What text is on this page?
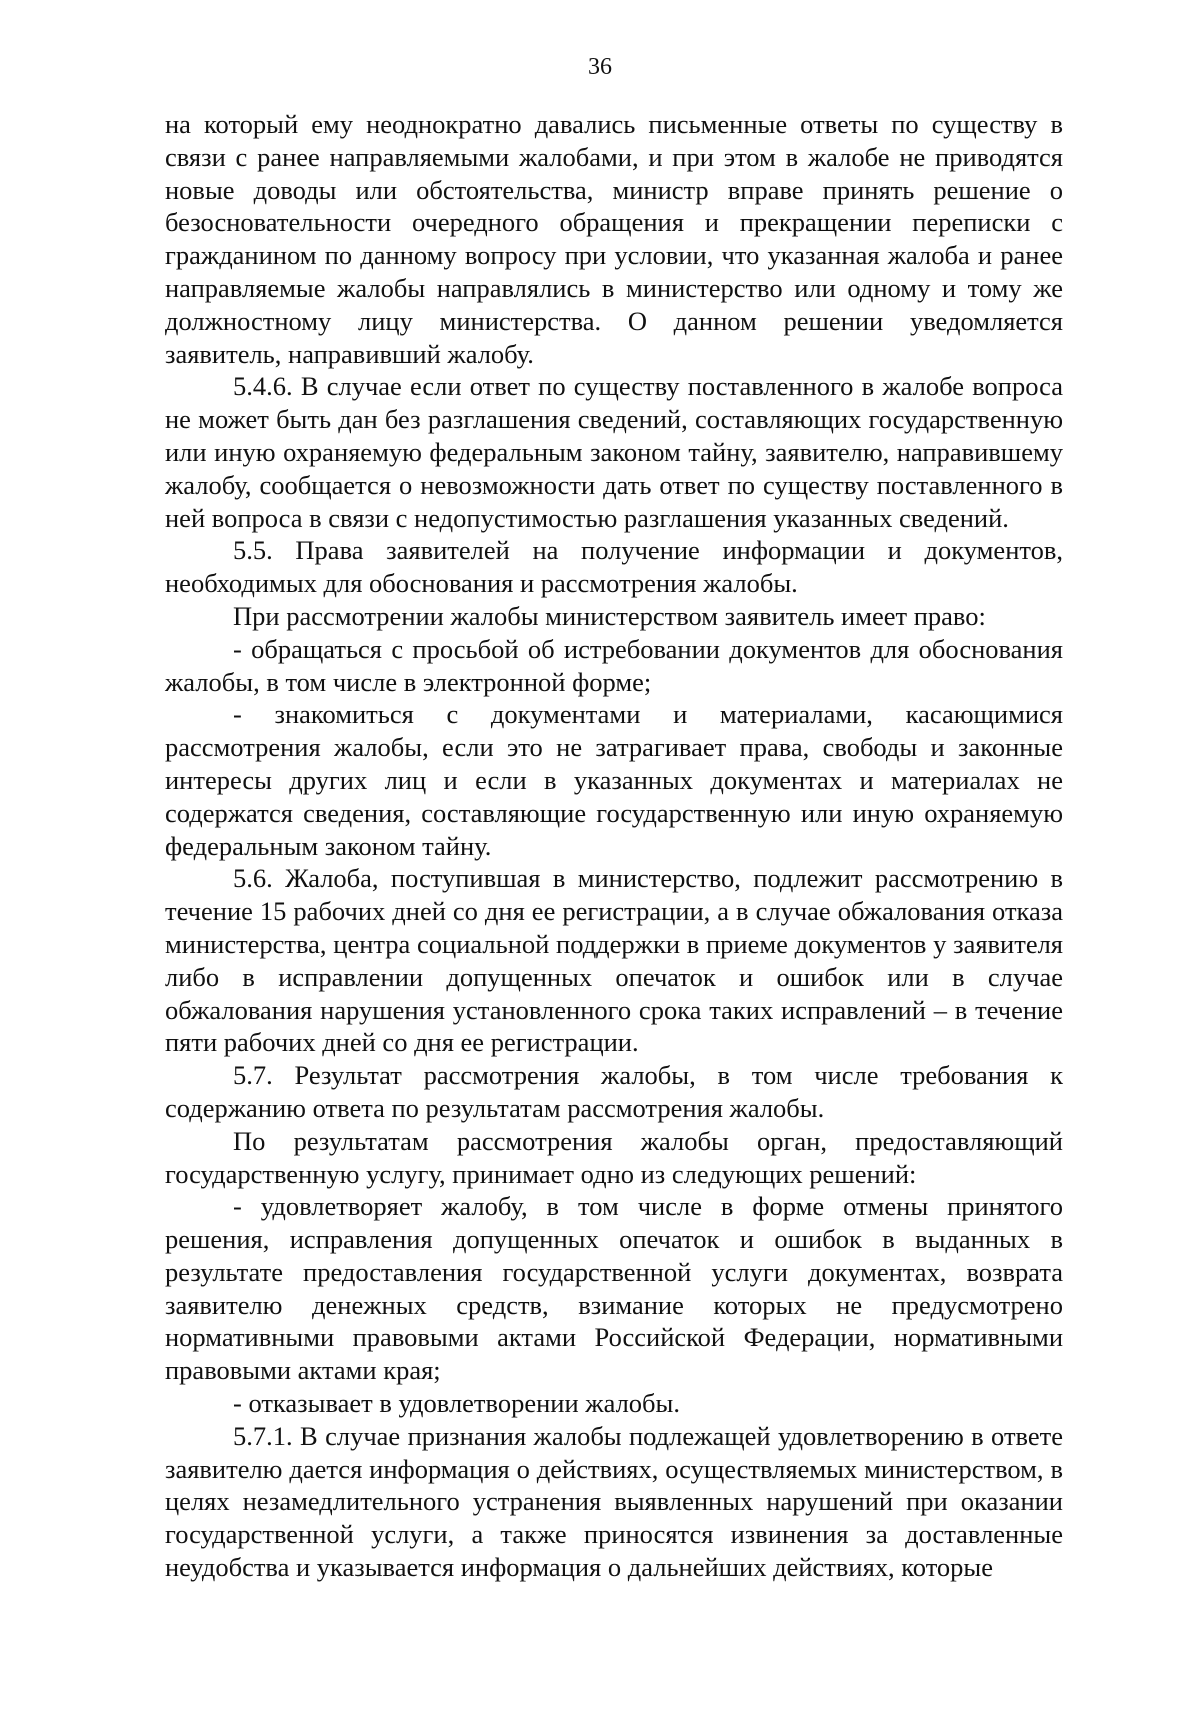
36

на который ему неоднократно давались письменные ответы по существу в связи с ранее направляемыми жалобами, и при этом в жалобе не приводятся новые доводы или обстоятельства, министр вправе принять решение о безосновательности очередного обращения и прекращении переписки с гражданином по данному вопросу при условии, что указанная жалоба и ранее направляемые жалобы направлялись в министерство или одному и тому же должностному лицу министерства. О данном решении уведомляется заявитель, направивший жалобу.

5.4.6. В случае если ответ по существу поставленного в жалобе вопроса не может быть дан без разглашения сведений, составляющих государственную или иную охраняемую федеральным законом тайну, заявителю, направившему жалобу, сообщается о невозможности дать ответ по существу поставленного в ней вопроса в связи с недопустимостью разглашения указанных сведений.

5.5. Права заявителей на получение информации и документов, необходимых для обоснования и рассмотрения жалобы.

При рассмотрении жалобы министерством заявитель имеет право:

- обращаться с просьбой об истребовании документов для обоснования жалобы, в том числе в электронной форме;

- знакомиться с документами и материалами, касающимися рассмотрения жалобы, если это не затрагивает права, свободы и законные интересы других лиц и если в указанных документах и материалах не содержатся сведения, составляющие государственную или иную охраняемую федеральным законом тайну.

5.6. Жалоба, поступившая в министерство, подлежит рассмотрению в течение 15 рабочих дней со дня ее регистрации, а в случае обжалования отказа министерства, центра социальной поддержки в приеме документов у заявителя либо в исправлении допущенных опечаток и ошибок или в случае обжалования нарушения установленного срока таких исправлений – в течение пяти рабочих дней со дня ее регистрации.

5.7. Результат рассмотрения жалобы, в том числе требования к содержанию ответа по результатам рассмотрения жалобы.

По результатам рассмотрения жалобы орган, предоставляющий государственную услугу, принимает одно из следующих решений:

- удовлетворяет жалобу, в том числе в форме отмены принятого решения, исправления допущенных опечаток и ошибок в выданных в результате предоставления государственной услуги документах, возврата заявителю денежных средств, взимание которых не предусмотрено нормативными правовыми актами Российской Федерации, нормативными правовыми актами края;

- отказывает в удовлетворении жалобы.

5.7.1. В случае признания жалобы подлежащей удовлетворению в ответе заявителю дается информация о действиях, осуществляемых министерством, в целях незамедлительного устранения выявленных нарушений при оказании государственной услуги, а также приносятся извинения за доставленные неудобства и указывается информация о дальнейших действиях, которые
